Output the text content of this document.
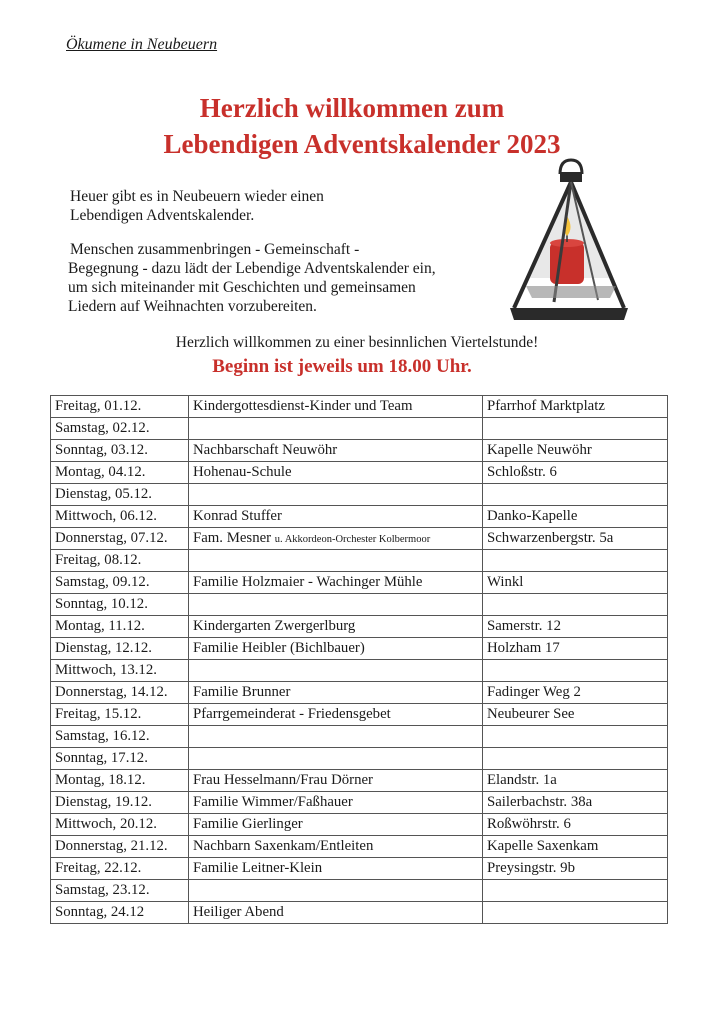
Ökumene in Neubeuern
Herzlich willkommen zum
Lebendigen Adventskalender 2023
Heuer gibt es in Neubeuern wieder einen
Lebendigen Adventskalender.
Menschen zusammenbringen - Gemeinschaft -
Begegnung - dazu lädt der Lebendige Adventskalender ein,
um sich miteinander mit Geschichten und gemeinsamen
Liedern auf Weihnachten vorzubereiten.
Herzlich willkommen zu einer besinnlichen Viertelstunde!
Beginn ist jeweils um 18.00 Uhr.
Freitag, 01.12.	Kindergottesdienst-Kinder und Team	Pfarrhof Marktplatz
Samstag, 02.12.		
Sonntag, 03.12.	Nachbarschaft Neuwöhr	Kapelle Neuwöhr
Montag, 04.12.	Hohenau-Schule	Schloßstr. 6
Dienstag, 05.12.		
Mittwoch, 06.12.	Konrad Stuffer	Danko-Kapelle
Donnerstag, 07.12.	Fam. Mesner u. Akkordeon-Orchester Kolbermoor	Schwarzenbergstr. 5a
Freitag, 08.12.		
Samstag, 09.12.	Familie Holzmaier - Wachinger Mühle	Winkl
Sonntag, 10.12.		
Montag, 11.12.	Kindergarten Zwergerlburg	Samerstr. 12
Dienstag, 12.12.	Familie Heibler (Bichlbauer)	Holzham 17
Mittwoch, 13.12.		
Donnerstag, 14.12.	Familie Brunner	Fadinger Weg 2
Freitag, 15.12.	Pfarrgemeinderat - Friedensgebet	Neubeurer See
Samstag, 16.12.		
Sonntag, 17.12.		
Montag, 18.12.	Frau Hesselmann/Frau Dörner	Elandstr. 1a
Dienstag, 19.12.	Familie Wimmer/Faßhauer	Sailerbachstr. 38a
Mittwoch, 20.12.	Familie Gierlinger	Roßwöhrstr. 6
Donnerstag, 21.12.	Nachbarn Saxenkam/Entleiten	Kapelle Saxenkam
Freitag, 22.12.	Familie Leitner-Klein	Preysingstr. 9b
Samstag, 23.12.		
Sonntag, 24.12	Heiliger Abend	
